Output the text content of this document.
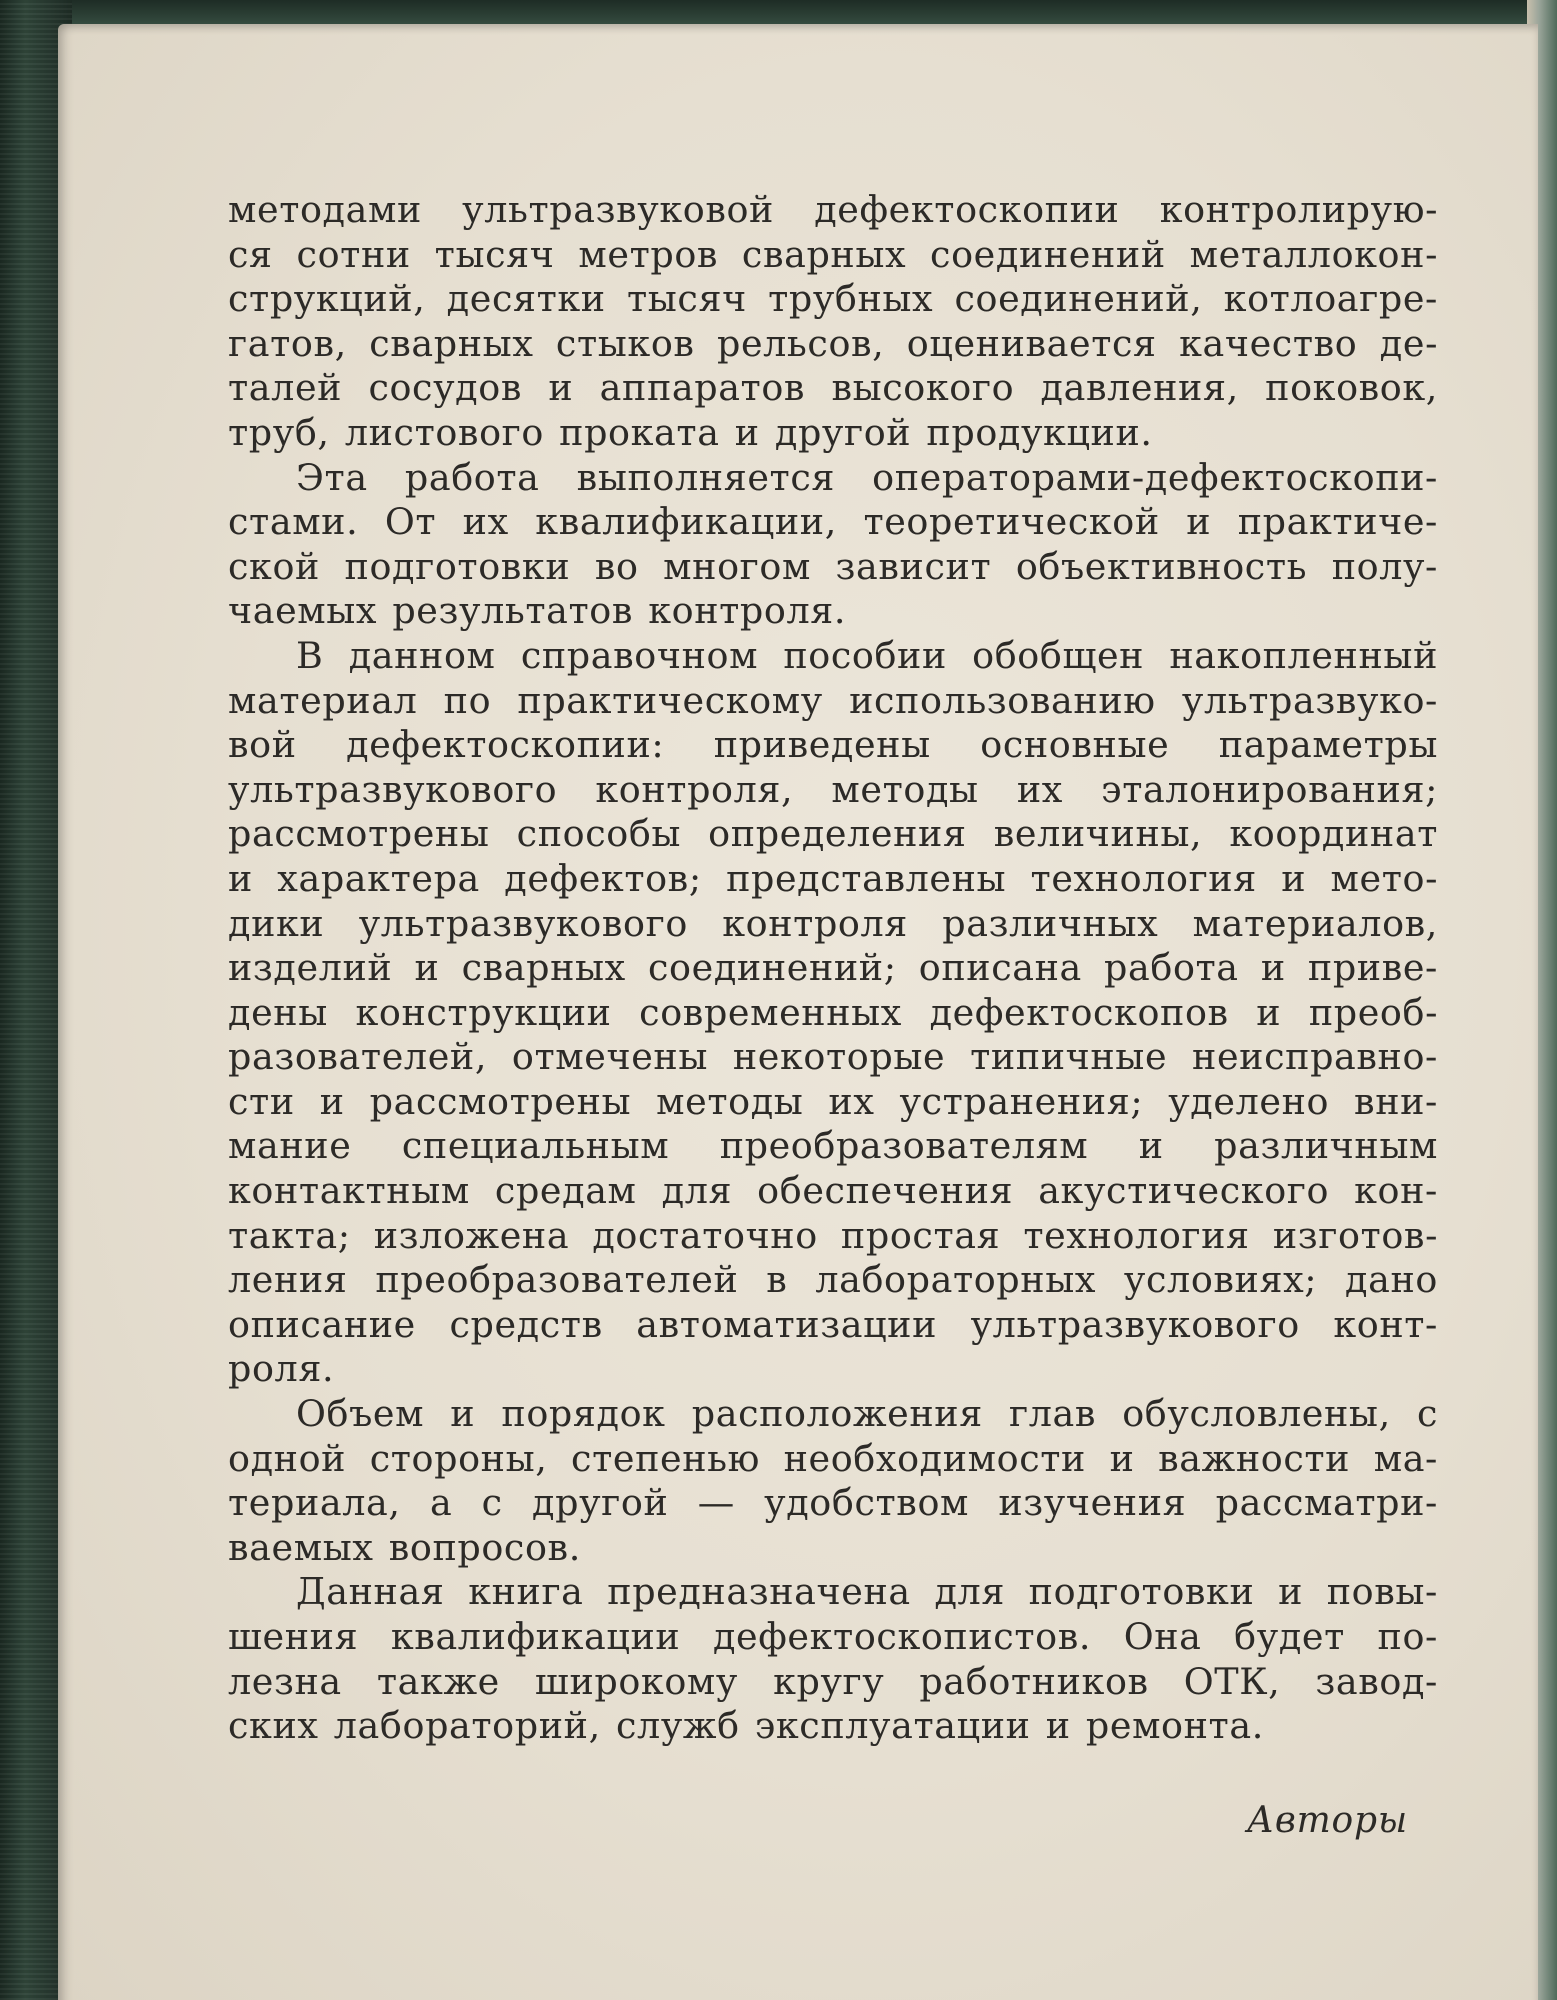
методами ультразвуковой дефектоскопии контролирую-
ся сотни тысяч метров сварных соединений металлокон-
струкций, десятки тысяч трубных соединений, котлоагре-
гатов, сварных стыков рельсов, оценивается качество де-
талей сосудов и аппаратов высокого давления, поковок,
труб, листового проката и другой продукции.
Эта работа выполняется операторами-дефектоскопи-
стами. От их квалификации, теоретической и практиче-
ской подготовки во многом зависит объективность полу-
чаемых результатов контроля.
В данном справочном пособии обобщен накопленный
материал по практическому использованию ультразвуко-
вой дефектоскопии: приведены основные параметры
ультразвукового контроля, методы их эталонирования;
рассмотрены способы определения величины, координат
и характера дефектов; представлены технология и мето-
дики ультразвукового контроля различных материалов,
изделий и сварных соединений; описана работа и приве-
дены конструкции современных дефектоскопов и преоб-
разователей, отмечены некоторые типичные неисправно-
сти и рассмотрены методы их устранения; уделено вни-
мание специальным преобразователям и различным
контактным средам для обеспечения акустического кон-
такта; изложена достаточно простая технология изготов-
ления преобразователей в лабораторных условиях; дано
описание средств автоматизации ультразвукового конт-
роля.
Объем и порядок расположения глав обусловлены, с
одной стороны, степенью необходимости и важности ма-
териала, а с другой — удобством изучения рассматри-
ваемых вопросов.
Данная книга предназначена для подготовки и повы-
шения квалификации дефектоскопистов. Она будет по-
лезна также широкому кругу работников ОТК, завод-
ских лабораторий, служб эксплуатации и ремонта.
Авторы
